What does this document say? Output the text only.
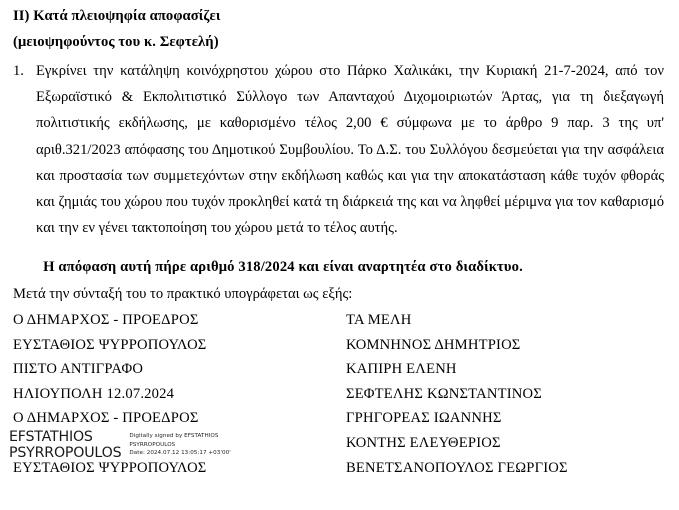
II) Κατά πλειοψηφία αποφασίζει
(μειοψηφούντος του κ. Σεφτελή)
1. Εγκρίνει την κατάληψη κοινόχρηστου χώρου στο Πάρκο Χαλικάκι, την Κυριακή 21-7-2024, από τον
Εξωραϊστικό & Εκπολιτιστικό Σύλλογο των Απανταχού Διχομοιριωτών Άρτας, για τη διεξαγωγή
πολιτιστικής εκδήλωσης, με καθορισμένο τέλος 2,00 € σύμφωνα με το άρθρο 9 παρ. 3 της υπ'
αριθ.321/2023 απόφασης του Δημοτικού Συμβουλίου. Το Δ.Σ. του Συλλόγου δεσμεύεται για την ασφάλεια
και προστασία των συμμετεχόντων στην εκδήλωση καθώς και για την αποκατάσταση κάθε τυχόν φθοράς
και ζημιάς του χώρου που τυχόν προκληθεί κατά τη διάρκειά της και να ληφθεί μέριμνα για τον καθαρισμό
και την εν γένει τακτοποίηση του χώρου μετά το τέλος αυτής.
Η απόφαση αυτή πήρε αριθμό 318/2024 και είναι αναρτητέα στο διαδίκτυο.
Μετά την σύνταξή του το πρακτικό υπογράφεται ως εξής:
Ο ΔΗΜΑΡΧΟΣ - ΠΡΟΕΔΡΟΣ
ΕΥΣΤΑΘΙΟΣ ΨΥΡΡΟΠΟΥΛΟΣ
ΠΙΣΤΟ ΑΝΤΙΓΡΑΦΟ
ΗΛΙΟΥΠΟΛΗ 12.07.2024
Ο ΔΗΜΑΡΧΟΣ - ΠΡΟΕΔΡΟΣ

ΕΥΣΤΑΘΙΟΣ ΨΥΡΡΟΠΟΥΛΟΣ
ΤΑ ΜΕΛΗ
ΚΟΜΝΗΝΟΣ ΔΗΜΗΤΡΙΟΣ
ΚΑΠΙΡΗ ΕΛΕΝΗ
ΣΕΦΤΕΛΗΣ ΚΩΝΣΤΑΝΤΙΝΟΣ
ΓΡΗΓΟΡΕΑΣ ΙΩΑΝΝΗΣ
ΚΟΝΤΗΣ ΕΛΕΥΘΕΡΙΟΣ
ΒΕΝΕΤΣΑΝΟΠΟΥΛΟΣ ΓΕΩΡΓΙΟΣ
EFSTATHIOS
PSYRROPOULOS
Digitally signed by EFSTATHIOS
PSYRROPOULOS
Date: 2024.07.12 13:05:17 +03'00'
